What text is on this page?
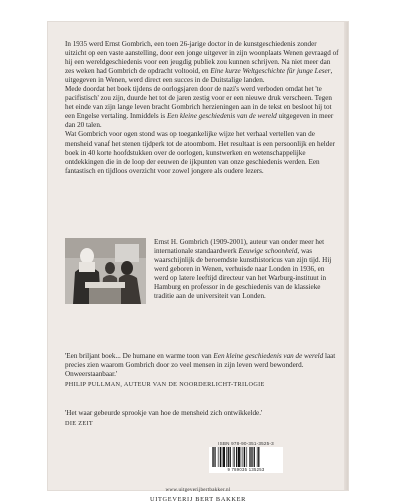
In 1935 werd Ernst Gombrich, een toen 26-jarige doctor in de kunstgeschiedenis zonder uitzicht op een vaste aanstelling, door een jonge uitgever in zijn woonplaats Wenen gevraagd of hij een wereldgeschiedenis voor een jeugdig publiek zou kunnen schrijven. Na niet meer dan zes weken had Gombrich de opdracht voltooid, en Eine kurze Weltgeschichte für junge Leser, uitgegeven in Wenen, werd direct een succes in de Duitstalige landen.

Mede doordat het boek tijdens de oorlogsjaren door de nazi's werd verboden omdat het 'te pacifistisch' zou zijn, duurde het tot de jaren zestig voor er een nieuwe druk verscheen. Tegen het einde van zijn lange leven bracht Gombrich herzieningen aan in de tekst en besloot hij tot een Engelse vertaling. Inmiddels is Een kleine geschiedenis van de wereld uitgegeven in meer dan 20 talen.

Wat Gombrich voor ogen stond was op toegankelijke wijze het verhaal vertellen van de mensheid vanaf het stenen tijdperk tot de atoombom. Het resultaat is een persoonlijk en helder boek in 40 korte hoofdstukken over de oorlogen, kunstwerken en wetenschappelijke ontdekkingen die in de loop der eeuwen de ijkpunten van onze geschiedenis werden. Een fantastisch en tijdloos overzicht voor zowel jongere als oudere lezers.

Ernst H. Gombrich (1909-2001), auteur van onder meer het internationale standaardwerk Eeuwige schoonheid, was waarschijnlijk de beroemdste kunsthistoricus van zijn tijd. Hij werd geboren in Wenen, verhuisde naar Londen in 1936, en werd op latere leeftijd directeur van het Warburg-instituut in Hamburg en professor in de geschiedenis van de klassieke traditie aan de universiteit van Londen.
'Een briljant boek... De humane en warme toon van Een kleine geschiedenis van de wereld laat precies zien waarom Gombrich door zo veel mensen in zijn leven werd bewonderd. Onweerstaanbaar.'
PHILIP PULLMAN, AUTEUR VAN DE NOORDERLICHT-TRILOGIE
'Het waar gebeurde sprookje van hoe de mensheid zich ontwikkelde.'
DIE ZEIT
ISBN 978-90-351-3525-3
9 789035 135253
www.uitgeverijbertbakker.nl
UITGEVERIJ BERT BAKKER
